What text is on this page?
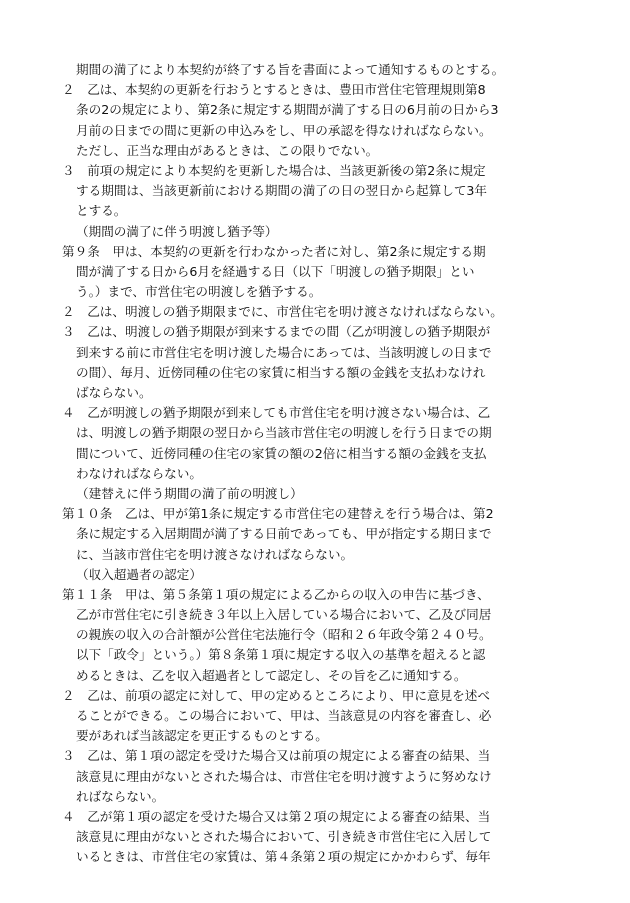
期間の満了により本契約が終了する旨を書面によって通知するものとする。
２　乙は、本契約の更新を行おうとするときは、豊田市営住宅管理規則第8
条の2の規定により、第2条に規定する期間が満了する日の6月前の日から3
月前の日までの間に更新の申込みをし、甲の承認を得なければならない。
ただし、正当な理由があるときは、この限りでない。
３　前項の規定により本契約を更新した場合は、当該更新後の第2条に規定
する期間は、当該更新前における期間の満了の日の翌日から起算して3年
とする。
（期間の満了に伴う明渡し猶予等）
第９条　甲は、本契約の更新を行わなかった者に対し、第2条に規定する期
間が満了する日から6月を経過する日（以下「明渡しの猶予期限」とい
う。）まで、市営住宅の明渡しを猶予する。
２　乙は、明渡しの猶予期限までに、市営住宅を明け渡さなければならない。
３　乙は、明渡しの猶予期限が到来するまでの間（乙が明渡しの猶予期限が
到来する前に市営住宅を明け渡した場合にあっては、当該明渡しの日まで
の間）、毎月、近傍同種の住宅の家賃に相当する額の金銭を支払わなけれ
ばならない。
４　乙が明渡しの猶予期限が到来しても市営住宅を明け渡さない場合は、乙
は、明渡しの猶予期限の翌日から当該市営住宅の明渡しを行う日までの期
間について、近傍同種の住宅の家賃の額の2倍に相当する額の金銭を支払
わなければならない。
（建替えに伴う期間の満了前の明渡し）
第１０条　乙は、甲が第1条に規定する市営住宅の建替えを行う場合は、第2
条に規定する入居期間が満了する日前であっても、甲が指定する期日まで
に、当該市営住宅を明け渡さなければならない。
（収入超過者の認定）
第１１条　甲は、第５条第１項の規定による乙からの収入の申告に基づき、
乙が市営住宅に引き続き３年以上入居している場合において、乙及び同居
の親族の収入の合計額が公営住宅法施行令（昭和２６年政令第２４０号。
以下「政令」という。）第８条第１項に規定する収入の基準を超えると認
めるときは、乙を収入超過者として認定し、その旨を乙に通知する。
２　乙は、前項の認定に対して、甲の定めるところにより、甲に意見を述べ
ることができる。この場合において、甲は、当該意見の内容を審査し、必
要があれば当該認定を更正するものとする。
３　乙は、第１項の認定を受けた場合又は前項の規定による審査の結果、当
該意見に理由がないとされた場合は、市営住宅を明け渡すように努めなけ
ればならない。
４　乙が第１項の認定を受けた場合又は第２項の規定による審査の結果、当
該意見に理由がないとされた場合において、引き続き市営住宅に入居して
いるときは、市営住宅の家賃は、第４条第２項の規定にかかわらず、毎年
